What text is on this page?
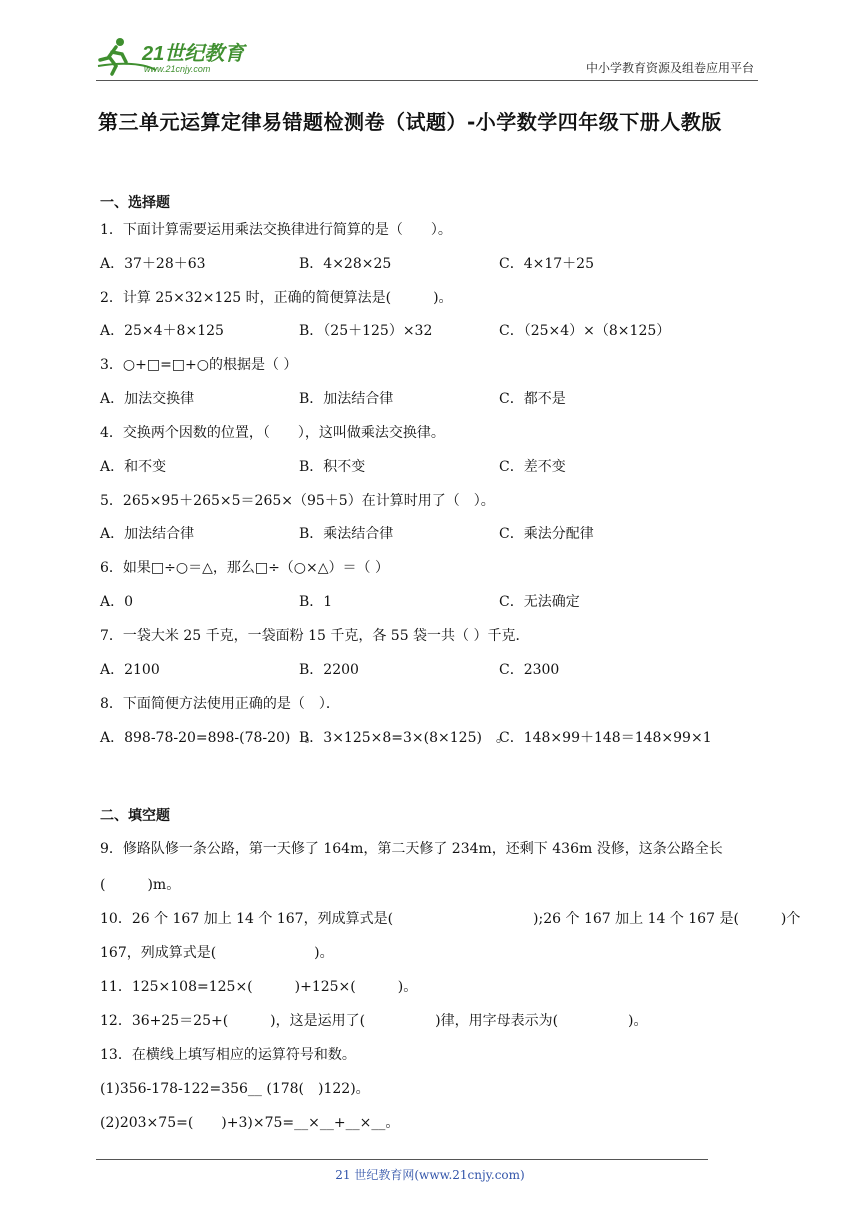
21世纪教育
www.21cnjy.com	中小学教育资源及组卷应用平台
第三单元运算定律易错题检测卷（试题）-小学数学四年级下册人教版
一、选择题
1．下面计算需要运用乘法交换律进行简算的是（　　）。
A．37＋28＋63	B．4×28×25	C．4×17＋25
2．计算 25×32×125 时，正确的简便算法是(　　　)。
A．25×4＋8×125	B．（25＋125）×32	C．（25×4）×（8×125）
3．○+□=□+○的根据是（ ）
A．加法交换律	B．加法结合律	C．都不是
4．交换两个因数的位置，（　　），这叫做乘法交换律。
A．和不变	B．积不变	C．差不变
5．265×95＋265×5＝265×（95＋5）在计算时用了（　）。
A．加法结合律	B．乘法结合律	C．乘法分配律
6．如果□÷○＝△，那么□÷（○×△）＝（ ）
A．0	B．1	C．无法确定
7．一袋大米 25 千克，一袋面粉 15 千克，各 55 袋一共（ ）千克．
A．2100	B．2200	C．2300
8．下面简便方法使用正确的是（　）．
A．898-78-20=898-(78-20)　。
B．3×125×8=3×(8×125)　。
C．148×99＋148＝148×99×1
二、填空题
9．修路队修一条公路，第一天修了 164m，第二天修了 234m，还剩下 436m 没修，这条公路全长
(　　　)m。
10．26 个 167 加上 14 个 167，列成算式是(　　　　　　　　　　);26 个 167 加上 14 个 167 是(　　　)个
167，列成算式是(　　　　　　　)。
11．125×108=125×(　　　)+125×(　　　)。
12．36+25＝25+(　　　)，这是运用了(　　　　　)律，用字母表示为(　　　　　)。
13．在横线上填写相应的运算符号和数。
(1)356-178-122=356__ (178(　)122)。
(2)203×75=(　　)+3)×75=__×__+__×__。
21 世纪教育网(www.21cnjy.com)
